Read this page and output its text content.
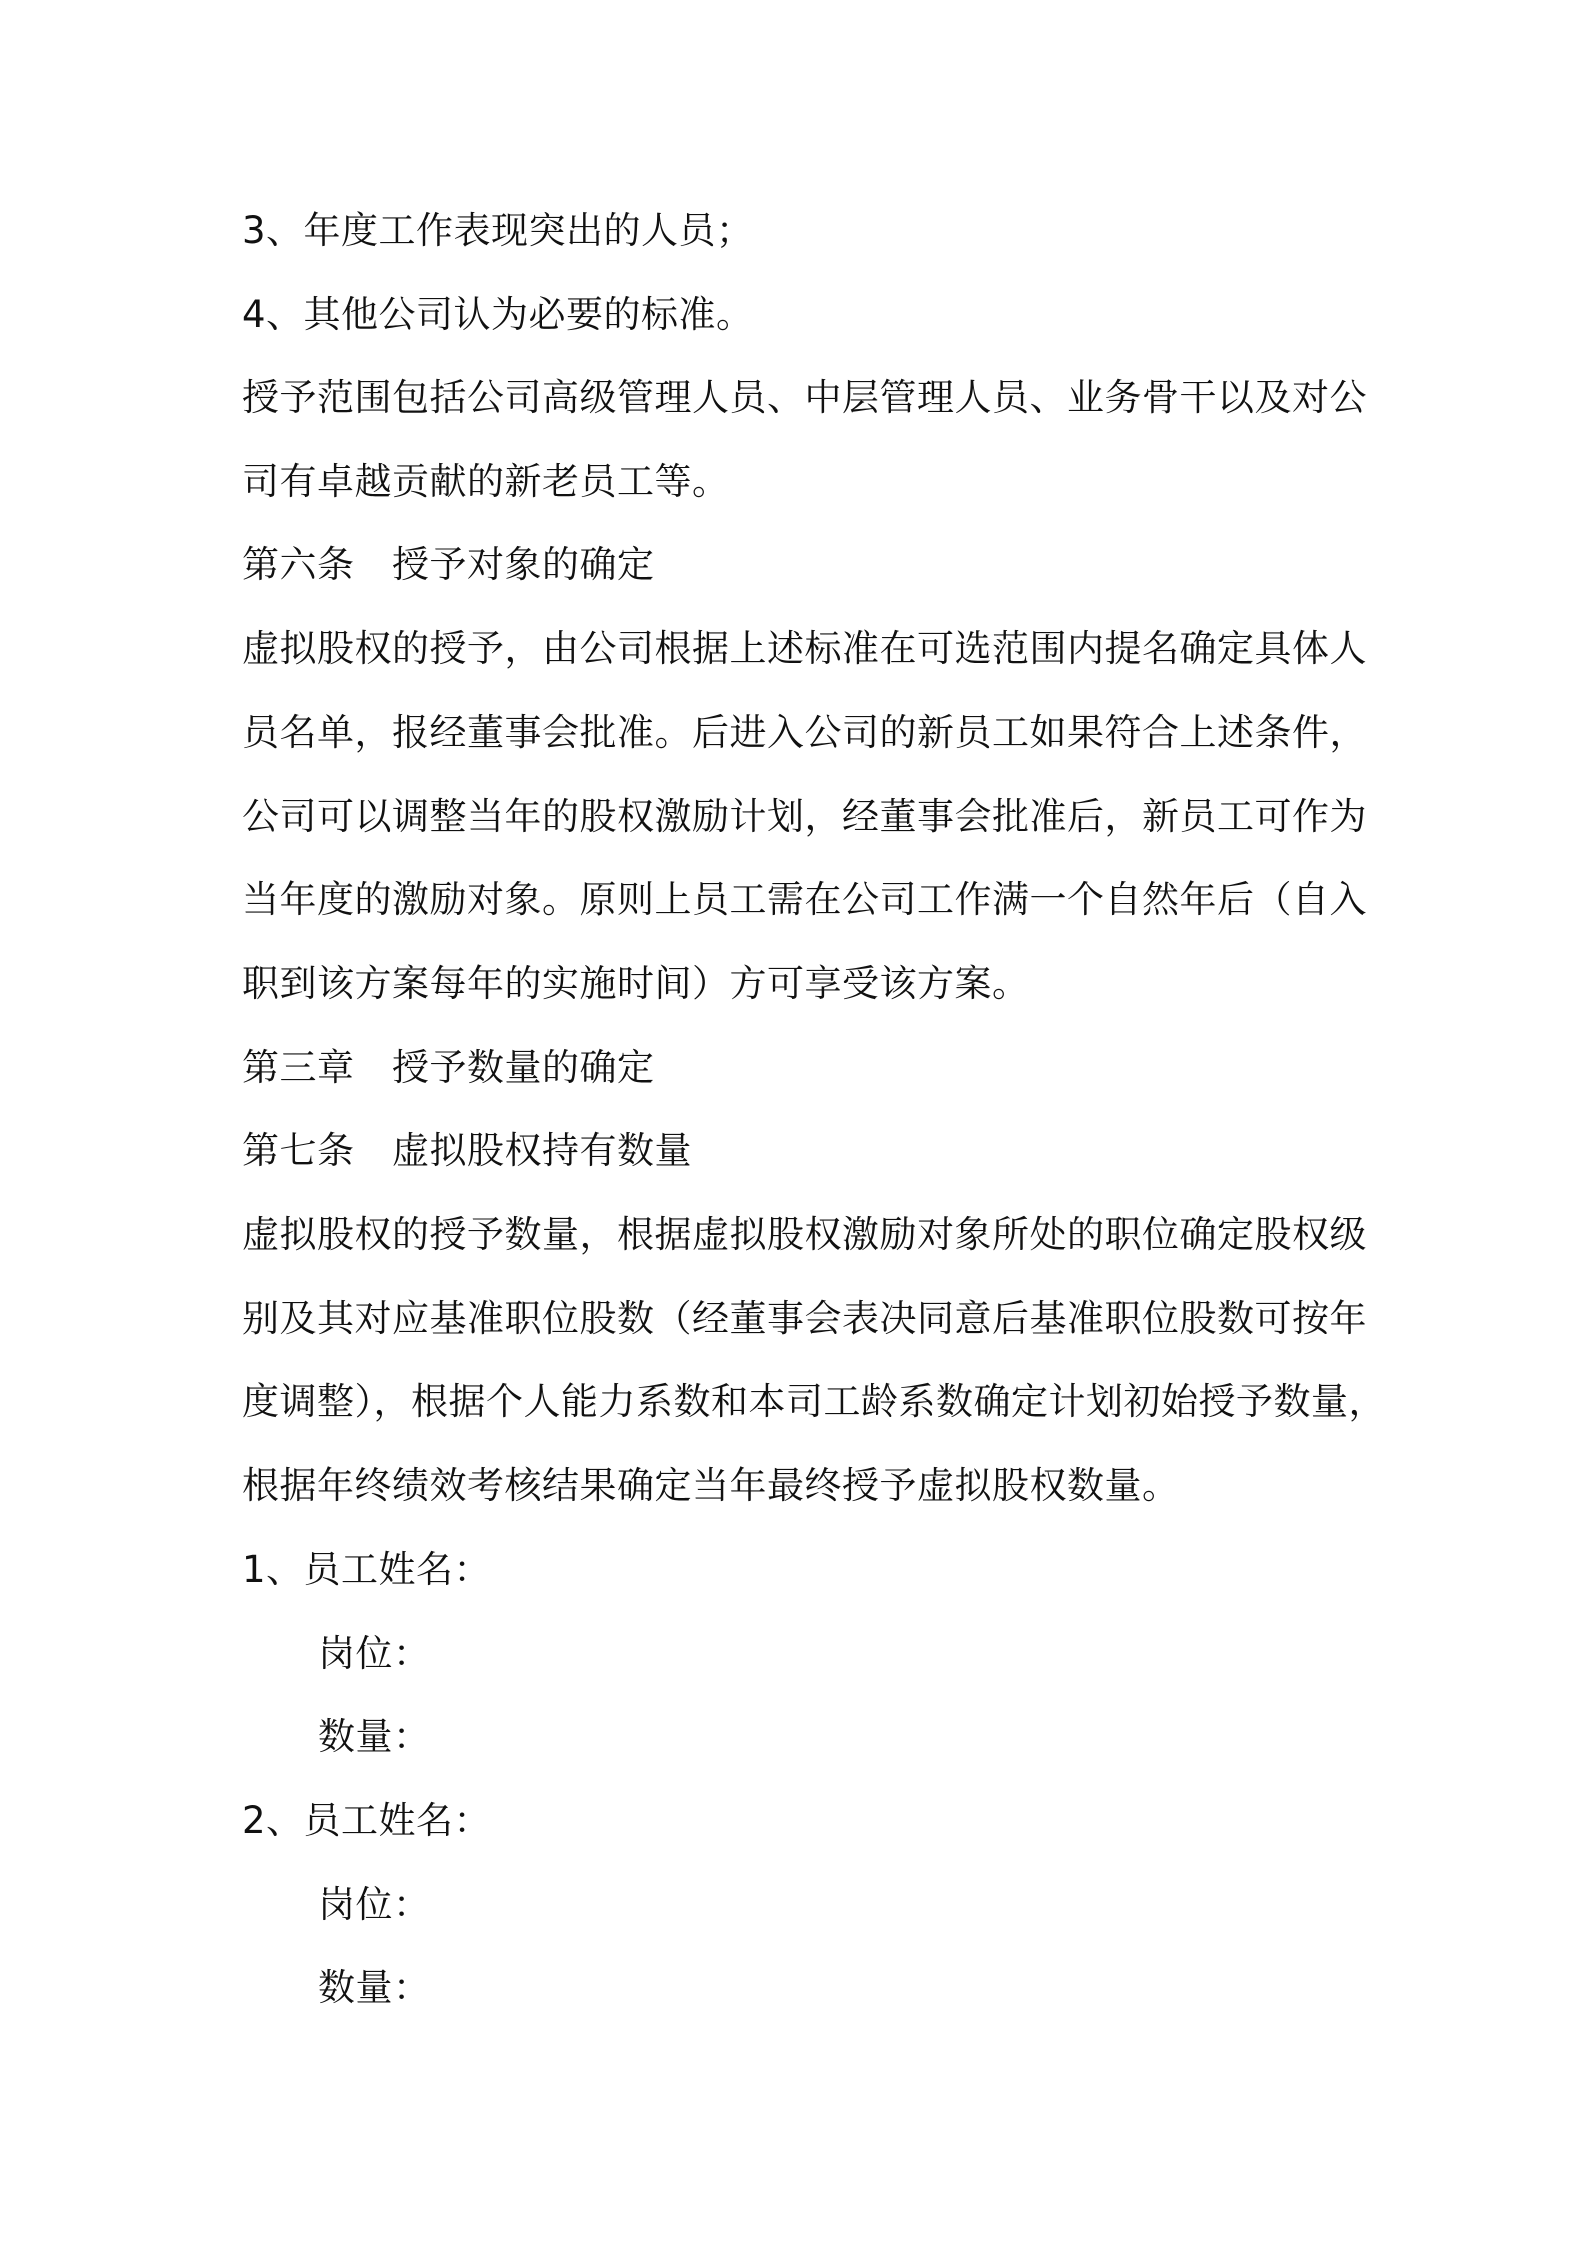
3、年度工作表现突出的人员；
4、其他公司认为必要的标准。
授予范围包括公司高级管理人员、中层管理人员、业务骨干以及对公
司有卓越贡献的新老员工等。
第六条　授予对象的确定
虚拟股权的授予，由公司根据上述标准在可选范围内提名确定具体人
员名单，报经董事会批准。后进入公司的新员工如果符合上述条件，
公司可以调整当年的股权激励计划，经董事会批准后，新员工可作为
当年度的激励对象。原则上员工需在公司工作满一个自然年后（自入
职到该方案每年的实施时间）方可享受该方案。
第三章　授予数量的确定
第七条　虚拟股权持有数量
虚拟股权的授予数量，根据虚拟股权激励对象所处的职位确定股权级
别及其对应基准职位股数（经董事会表决同意后基准职位股数可按年
度调整），根据个人能力系数和本司工龄系数确定计划初始授予数量，
根据年终绩效考核结果确定当年最终授予虚拟股权数量。
1、员工姓名：
岗位：
数量：
2、员工姓名：
岗位：
数量：
